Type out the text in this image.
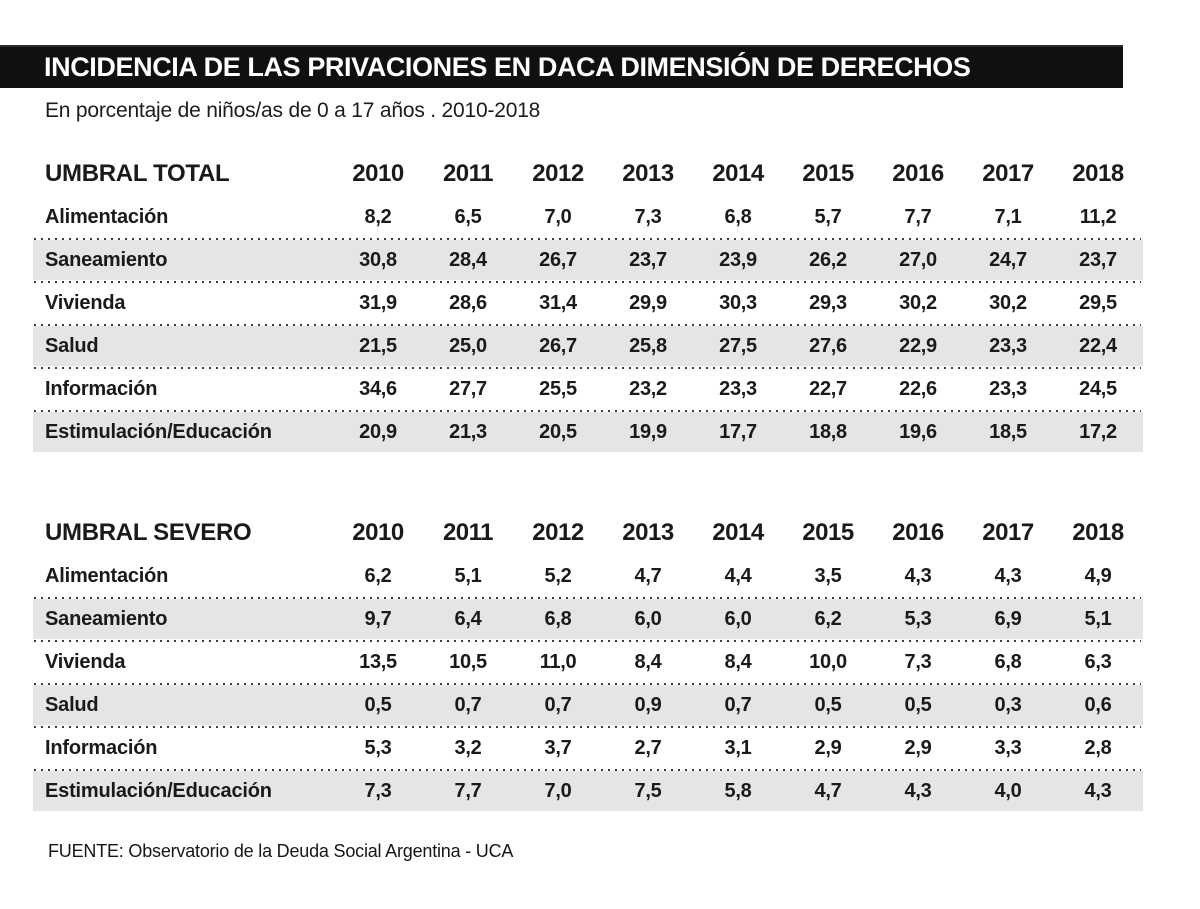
INCIDENCIA DE LAS PRIVACIONES EN DACA DIMENSIÓN DE DERECHOS

En porcentaje de niños/as de 0 a 17 años . 2010-2018

UMBRAL TOTAL	2010	2011	2012	2013	2014	2015	2016	2017	2018
Alimentación	8,2	6,5	7,0	7,3	6,8	5,7	7,7	7,1	11,2
Saneamiento	30,8	28,4	26,7	23,7	23,9	26,2	27,0	24,7	23,7
Vivienda	31,9	28,6	31,4	29,9	30,3	29,3	30,2	30,2	29,5
Salud	21,5	25,0	26,7	25,8	27,5	27,6	22,9	23,3	22,4
Información	34,6	27,7	25,5	23,2	23,3	22,7	22,6	23,3	24,5
Estimulación/Educación	20,9	21,3	20,5	19,9	17,7	18,8	19,6	18,5	17,2
UMBRAL SEVERO	2010	2011	2012	2013	2014	2015	2016	2017	2018
Alimentación	6,2	5,1	5,2	4,7	4,4	3,5	4,3	4,3	4,9
Saneamiento	9,7	6,4	6,8	6,0	6,0	6,2	5,3	6,9	5,1
Vivienda	13,5	10,5	11,0	8,4	8,4	10,0	7,3	6,8	6,3
Salud	0,5	0,7	0,7	0,9	0,7	0,5	0,5	0,3	0,6
Información	5,3	3,2	3,7	2,7	3,1	2,9	2,9	3,3	2,8
Estimulación/Educación	7,3	7,7	7,0	7,5	5,8	4,7	4,3	4,0	4,3

FUENTE: Observatorio de la Deuda Social Argentina - UCA
